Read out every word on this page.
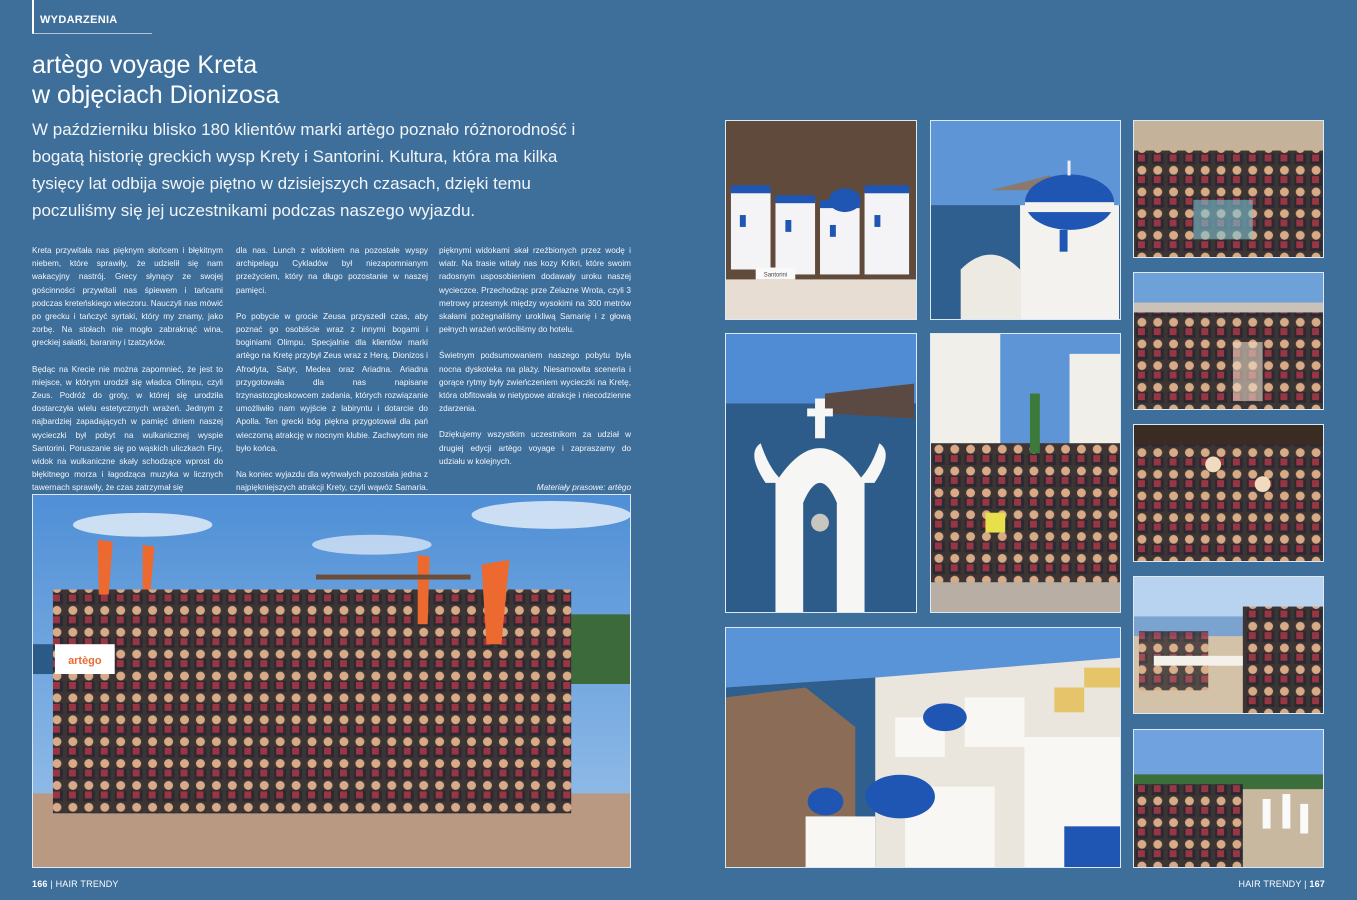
WYDARZENIA
artègo voyage Kreta
w objęciach Dionizosa

W październiku blisko 180 klientów marki artègo poznało różnorodność i bogatą historię greckich wysp Krety i Santorini. Kultura, która ma kilka tysięcy lat odbija swoje piętno w dzisiejszych czasach, dzięki temu poczuliśmy się jej uczestnikami podczas naszego wyjazdu.

Kreta przywitała nas pięknym słońcem i błękitnym niebem, które sprawiły, że udzielił się nam wakacyjny nastrój. Grecy słynący ze swojej gościnności przywitali nas śpiewem i tańcami podczas kreteńskiego wieczoru. Nauczyli nas mówić po grecku i tańczyć syrtaki, który my znamy, jako zorbę. Na stołach nie mogło zabraknąć wina, greckiej sałatki, baraniny i tzatzyków.

Będąc na Krecie nie można zapomnieć, że jest to miejsce, w którym urodził się władca Olimpu, czyli Zeus. Podróż do groty, w której się urodziła dostarczyła wielu estetycznych wrażeń. Jednym z najbardziej zapadających w pamięć dniem naszej wycieczki był pobyt na wulkanicznej wyspie Santorini. Poruszanie się po wąskich uliczkach Firy, widok na wulkaniczne skały schodzące wprost do błękitnego morza i łagodząca muzyka w licznych tawernach sprawiły, że czas zatrzymał się

dla nas. Lunch z widokiem na pozostałe wyspy archipelagu Cykladów był niezapomnianym przeżyciem, który na długo pozostanie w naszej pamięci.

Po pobycie w grocie Zeusa przyszedł czas, aby poznać go osobiście wraz z innymi bogami i boginiami Olimpu. Specjalnie dla klientów marki artègo na Kretę przybył Zeus wraz z Herą, Dionizos i Afrodyta, Satyr, Medea oraz Ariadna. Ariadna przygotowała dla nas napisane trzynastozgłoskowcem zadania, których rozwiązanie umożliwiło nam wyjście z labiryntu i dotarcie do Apolla. Ten grecki bóg piękna przygotował dla pań wieczorną atrakcję w nocnym klubie. Zachwytom nie było końca.

Na koniec wyjazdu dla wytrwałych pozostała jedna z najpiękniejszych atrakcji Krety, czyli wąwóz Samaria.

pięknymi widokami skał rzeźbionych przez wodę i wiatr. Na trasie witały nas kozy Krikri, które swoim radosnym usposobieniem dodawały uroku naszej wycieczce. Przechodząc prze Żelazne Wrota, czyli 3 metrowy przesmyk między wysokimi na 300 metrów skałami pożegnaliśmy urokliwą Samarię i z głową pełnych wrażeń wróciliśmy do hotelu.

Świetnym podsumowaniem naszego pobytu była nocna dyskoteka na plaży. Niesamowita sceneria i gorące rytmy były zwieńczeniem wycieczki na Kretę, która obfitowała w nietypowe atrakcje i niecodzienne zdarzenia.

Dziękujemy wszystkim uczestnikom za udział w drugiej edycji artègo voyage i zapraszamy do udziału w kolejnych.

Materiały prasowe: artègo

artègo
Santorini
166 | HAIR TRENDY	HAIR TRENDY | 167
